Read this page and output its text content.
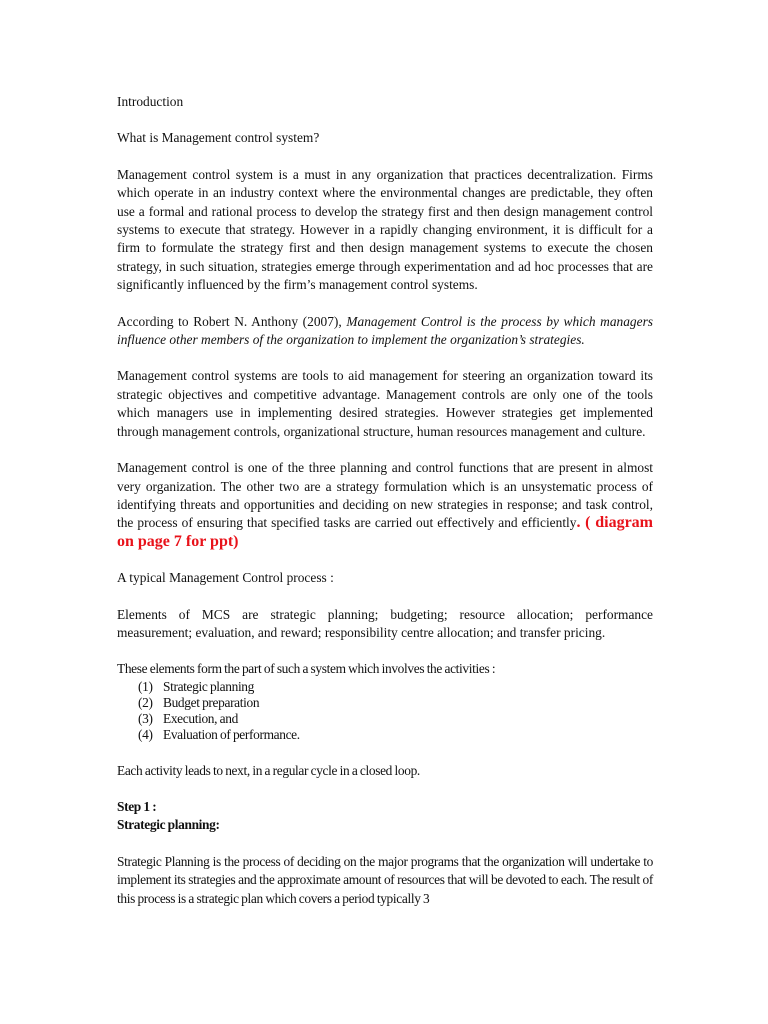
Introduction

What is Management control system?

Management control system is a must in any organization that practices decentralization. Firms which operate in an industry context where the environmental changes are predictable, they often use a formal and rational process to develop the strategy first and then design management control systems to execute that strategy. However in a rapidly changing environment, it is difficult for a firm to formulate the strategy first and then design management systems to execute the chosen strategy, in such situation, strategies emerge through experimentation and ad hoc processes that are significantly influenced by the firm’s management control systems.

According to Robert N. Anthony (2007), Management Control is the process by which managers influence other members of the organization to implement the organization’s strategies.

Management control systems are tools to aid management for steering an organization toward its strategic objectives and competitive advantage. Management controls are only one of the tools which managers use in implementing desired strategies. However strategies get implemented through management controls, organizational structure, human resources management and culture.

Management control is one of the three planning and control functions that are present in almost very organization. The other two are a strategy formulation which is an unsystematic process of identifying threats and opportunities and deciding on new strategies in response; and task control, the process of ensuring that specified tasks are carried out effectively and efficiently. ( diagram on page 7 for ppt)

A typical Management Control process :

Elements of MCS are strategic planning; budgeting; resource allocation; performance measurement; evaluation, and reward; responsibility centre allocation; and transfer pricing.

These elements form the part of such a system which involves the activities :

(1) Strategic planning
(2) Budget preparation
(3) Execution, and
(4) Evaluation of performance.

Each activity leads to next, in a regular cycle in a closed loop.

Step 1 :

Strategic planning:

Strategic Planning is the process of deciding on the major programs that the organization will undertake to implement its strategies and the approximate amount of resources that will be devoted to each. The result of this process is a strategic plan which covers a period typically 3
